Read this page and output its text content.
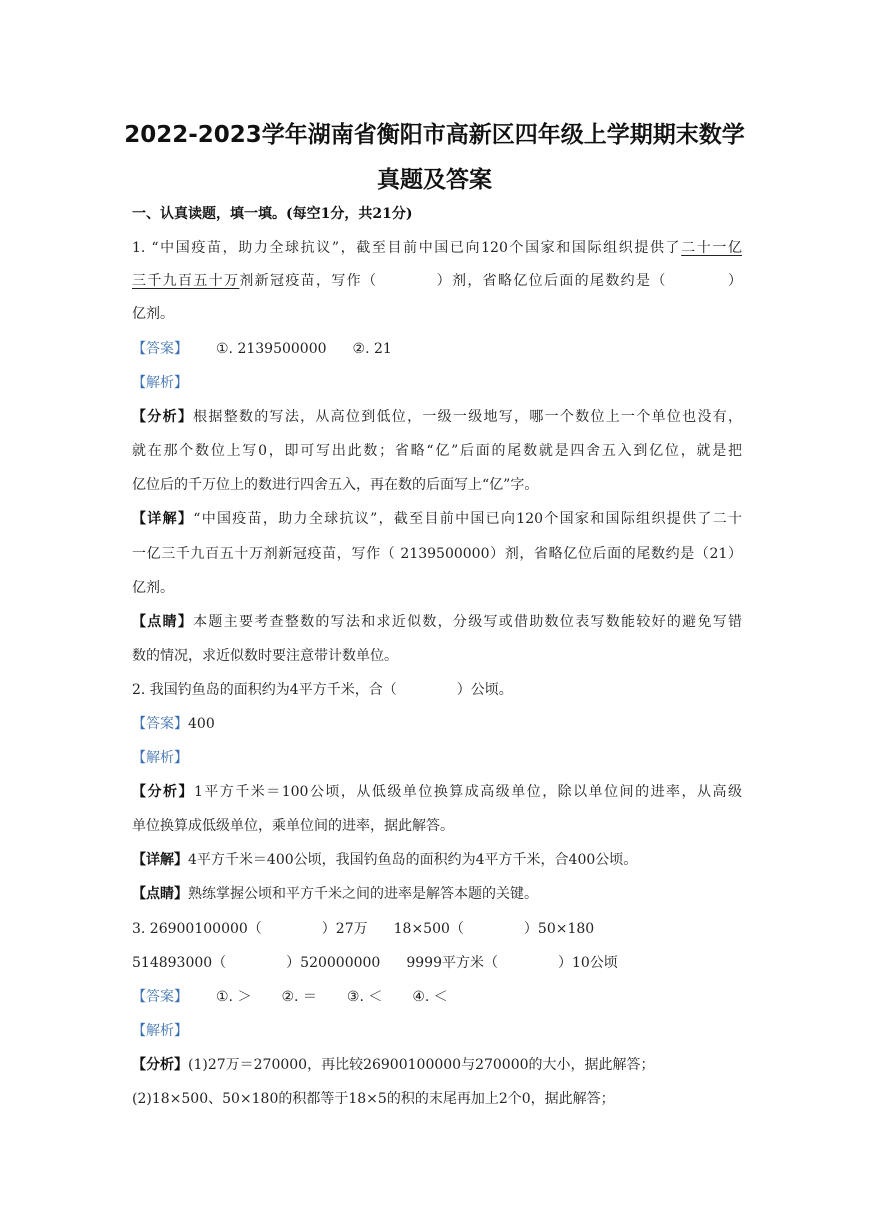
2022-2023学年湖南省衡阳市高新区四年级上学期期末数学
真题及答案
一、认真读题，填一填。(每空1分，共21分)
1. “中国疫苗，助力全球抗议”，截至目前中国已向120个国家和国际组织提供了二十一亿
三千九百五十万剂新冠疫苗，写作（	）剂，省略亿位后面的尾数约是（	）
亿剂。
【答案】 ①. 2139500000 ②. 21
【解析】
【分析】根据整数的写法，从高位到低位，一级一级地写，哪一个数位上一个单位也没有，
就在那个数位上写0，即可写出此数；省略“亿”后面的尾数就是四舍五入到亿位，就是把
亿位后的千万位上的数进行四舍五入，再在数的后面写上“亿”字。
【详解】“中国疫苗，助力全球抗议”，截至目前中国已向120个国家和国际组织提供了二十
一亿三千九百五十万剂新冠疫苗，写作（ 2139500000）剂，省略亿位后面的尾数约是（21）
亿剂。
【点睛】本题主要考查整数的写法和求近似数，分级写或借助数位表写数能较好的避免写错
数的情况，求近似数时要注意带计数单位。
2. 我国钓鱼岛的面积约为4平方千米，合（	）公顷。
【答案】400
【解析】
【分析】1平方千米＝100公顷，从低级单位换算成高级单位，除以单位间的进率，从高级
单位换算成低级单位，乘单位间的进率，据此解答。
【详解】4平方千米＝400公顷，我国钓鱼岛的面积约为4平方千米，合400公顷。
【点睛】熟练掌握公顷和平方千米之间的进率是解答本题的关键。
3. 26900100000（	）27万 18×500（	）50×180
514893000（	）520000000 9999平方米（	）10公顷
【答案】 ①. ＞ ②. ＝ ③. ＜ ④. ＜
【解析】
【分析】(1)27万＝270000，再比较26900100000与270000的大小，据此解答；
(2)18×500、50×180的积都等于18×5的积的末尾再加上2个0，据此解答；
